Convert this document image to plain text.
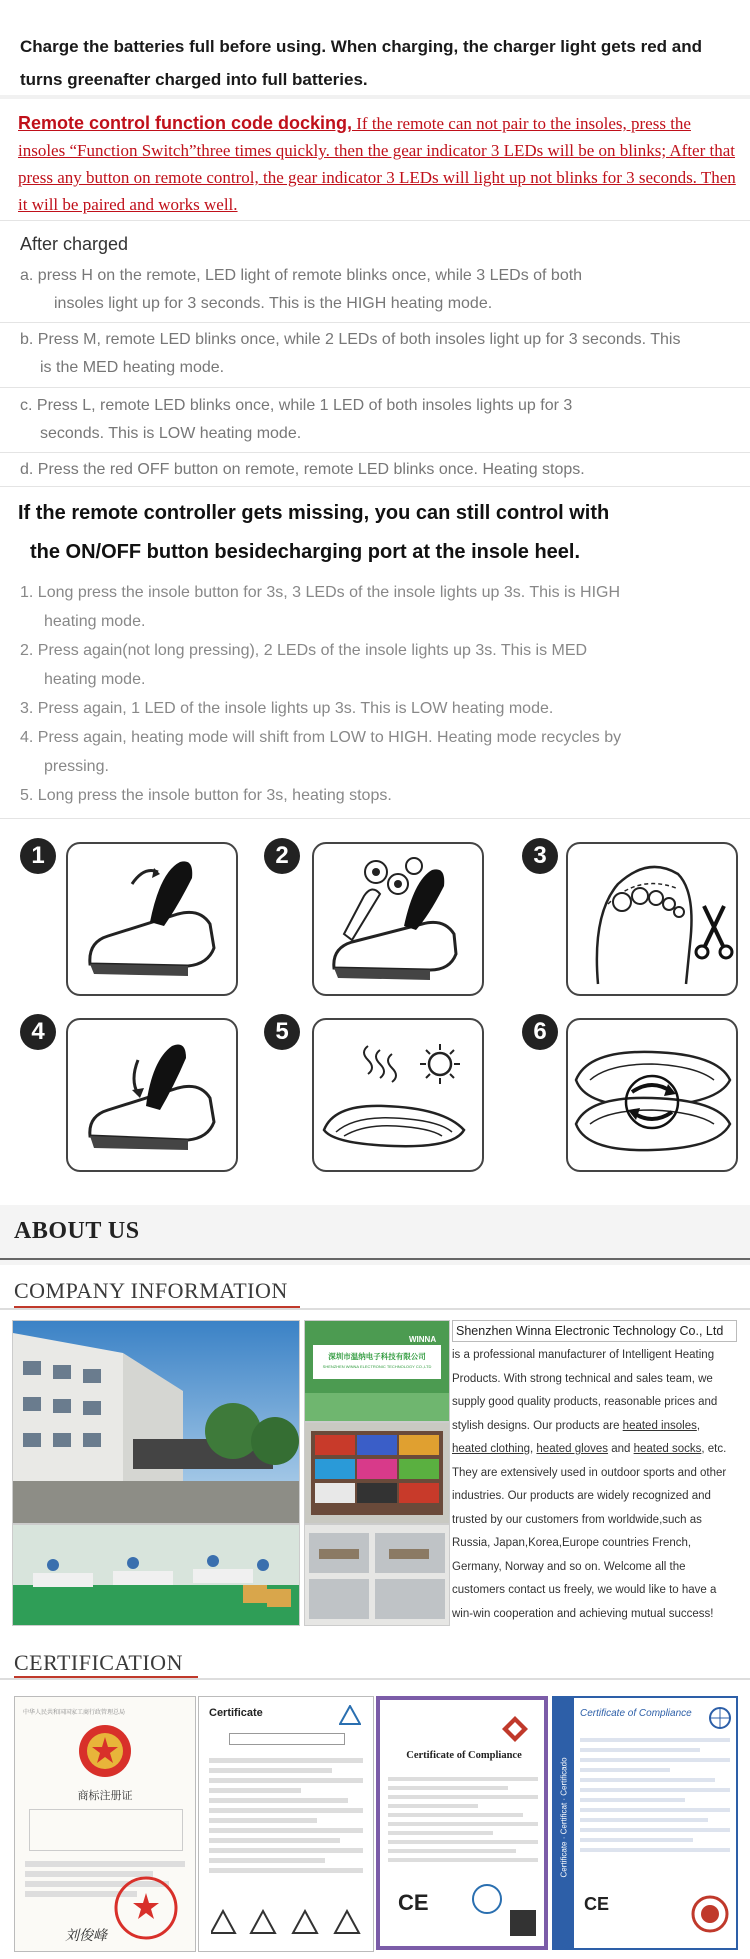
Charge the batteries full before using. When charging, the charger light gets red and turns greenafter charged into full batteries.
Remote control function code docking, If the remote can not pair to the insoles, press the insoles “Function Switch”three times quickly. then the gear indicator 3 LEDs will be on blinks; After that press any button on remote control, the gear indicator 3 LEDs will light up not blinks for 3 seconds. Then it will be paired and works well.
After charged
a. press H on the remote, LED light of remote blinks once, while 3 LEDs of both
insoles light up for 3 seconds. This is the HIGH heating mode.
b. Press M, remote LED blinks once, while 2 LEDs of both insoles light up for 3 seconds. This
is the MED heating mode.
c. Press L, remote LED blinks once, while 1 LED of both insoles lights up for 3
seconds. This is LOW heating mode.
d. Press the red OFF button on remote, remote LED blinks once. Heating stops.
If the remote controller gets missing, you can still control with
the ON/OFF button besidecharging port at the insole heel.
1. Long press the insole button for 3s, 3 LEDs of the insole lights up 3s. This is HIGH
heating mode.
2. Press again(not long pressing), 2 LEDs of the insole lights up 3s. This is MED
heating mode.
3. Press again, 1 LED of the insole lights up 3s. This is LOW heating mode.
4. Press again, heating mode will shift from LOW to HIGH. Heating mode recycles by
pressing.
5. Long press the insole button for 3s, heating stops.
1	2	3
4	5	6
ABOUT US
COMPANY INFORMATION
深圳市温纳电子科技有限公司
SHENZHEN WINNA ELECTRONIC TECHNOLOGY CO.,LTD
WINNA
Shenzhen Winna Electronic Technology Co., Ltd
is a professional manufacturer of Intelligent Heating Products. With strong technical and sales team, we supply good quality products, reasonable prices and stylish designs. Our products are heated insoles, heated clothing, heated gloves and heated socks, etc. They are extensively used in outdoor sports and other industries. Our products are widely recognized and trusted by our customers from worldwide,such as Russia, Japan,Korea,Europe countries French, Germany, Norway and so on. Welcome all the customers contact us freely, we would like to have a win-win cooperation and achieving mutual success!
CERTIFICATION
中华人民共和国国家工商行政管理总局
商标注册证
刘俊峰
Certificate
Certificate of Compliance
CE
Certificate · Certificat · Certificado
Certificate of Compliance
CE
